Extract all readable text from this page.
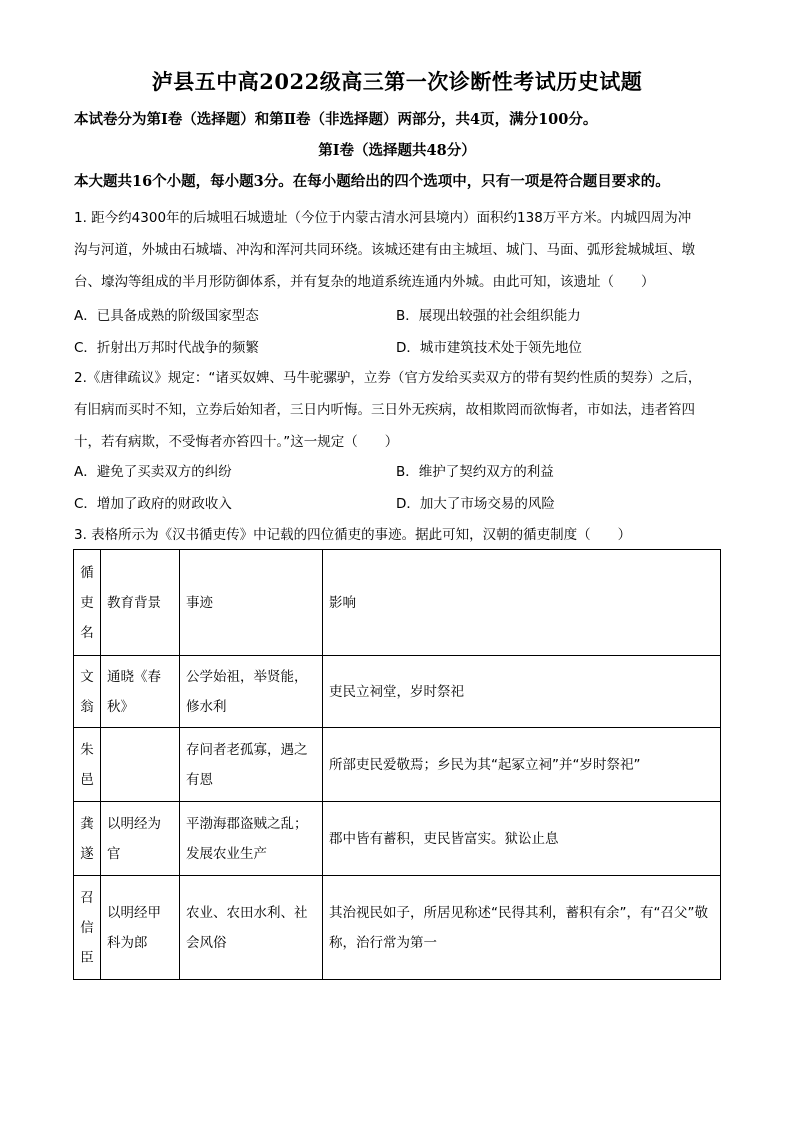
泸县五中高2022级高三第一次诊断性考试历史试题
本试卷分为第Ⅰ卷（选择题）和第Ⅱ卷（非选择题）两部分，共4页，满分100分。
第Ⅰ卷（选择题共48分）
本大题共16个小题，每小题3分。在每小题给出的四个选项中，只有一项是符合题目要求的。

1. 距今约4300年的后城咀石城遗址（今位于内蒙古清水河县境内）面积约138万平方米。内城四周为冲

沟与河道，外城由石城墙、冲沟和浑河共同环绕。该城还建有由主城垣、城门、马面、弧形瓮城城垣、墩

台、壕沟等组成的半月形防御体系，并有复杂的地道系统连通内外城。由此可知，该遗址（　　）

A．已具备成熟的阶级国家型态	B．展现出较强的社会组织能力
C．折射出万邦时代战争的频繁	D．城市建筑技术处于领先地位

2.《唐律疏议》规定：“诸买奴婢、马牛驼骡驴，立券（官方发给买卖双方的带有契约性质的契券）之后，

有旧病而买时不知，立券后始知者，三日内听悔。三日外无疾病，故相欺罔而欲悔者，市如法，违者笞四

十，若有病欺，不受悔者亦笞四十。”这一规定（　　）

A．避免了买卖双方的纠纷	B．维护了契约双方的利益
C．增加了政府的财政收入	D．加大了市场交易的风险

3. 表格所示为《汉书循吏传》中记载的四位循吏的事迹。据此可知，汉朝的循吏制度（　　）

循吏名	教育背景	事迹	影响
文翁	通晓《春秋》	公学始祖，举贤能，修水利	吏民立祠堂，岁时祭祀
朱邑		存问者老孤寡，遇之有恩	所部吏民爱敬焉；乡民为其“起冢立祠”并“岁时祭祀”
龚遂	以明经为官	平渤海郡盗贼之乱；发展农业生产	郡中皆有蓄积，吏民皆富实。狱讼止息
召信臣	以明经甲科为郎	农业、农田水利、社会风俗	其治视民如子，所居见称述“民得其利，蓄积有余”，有“召父”敬称，治行常为第一
